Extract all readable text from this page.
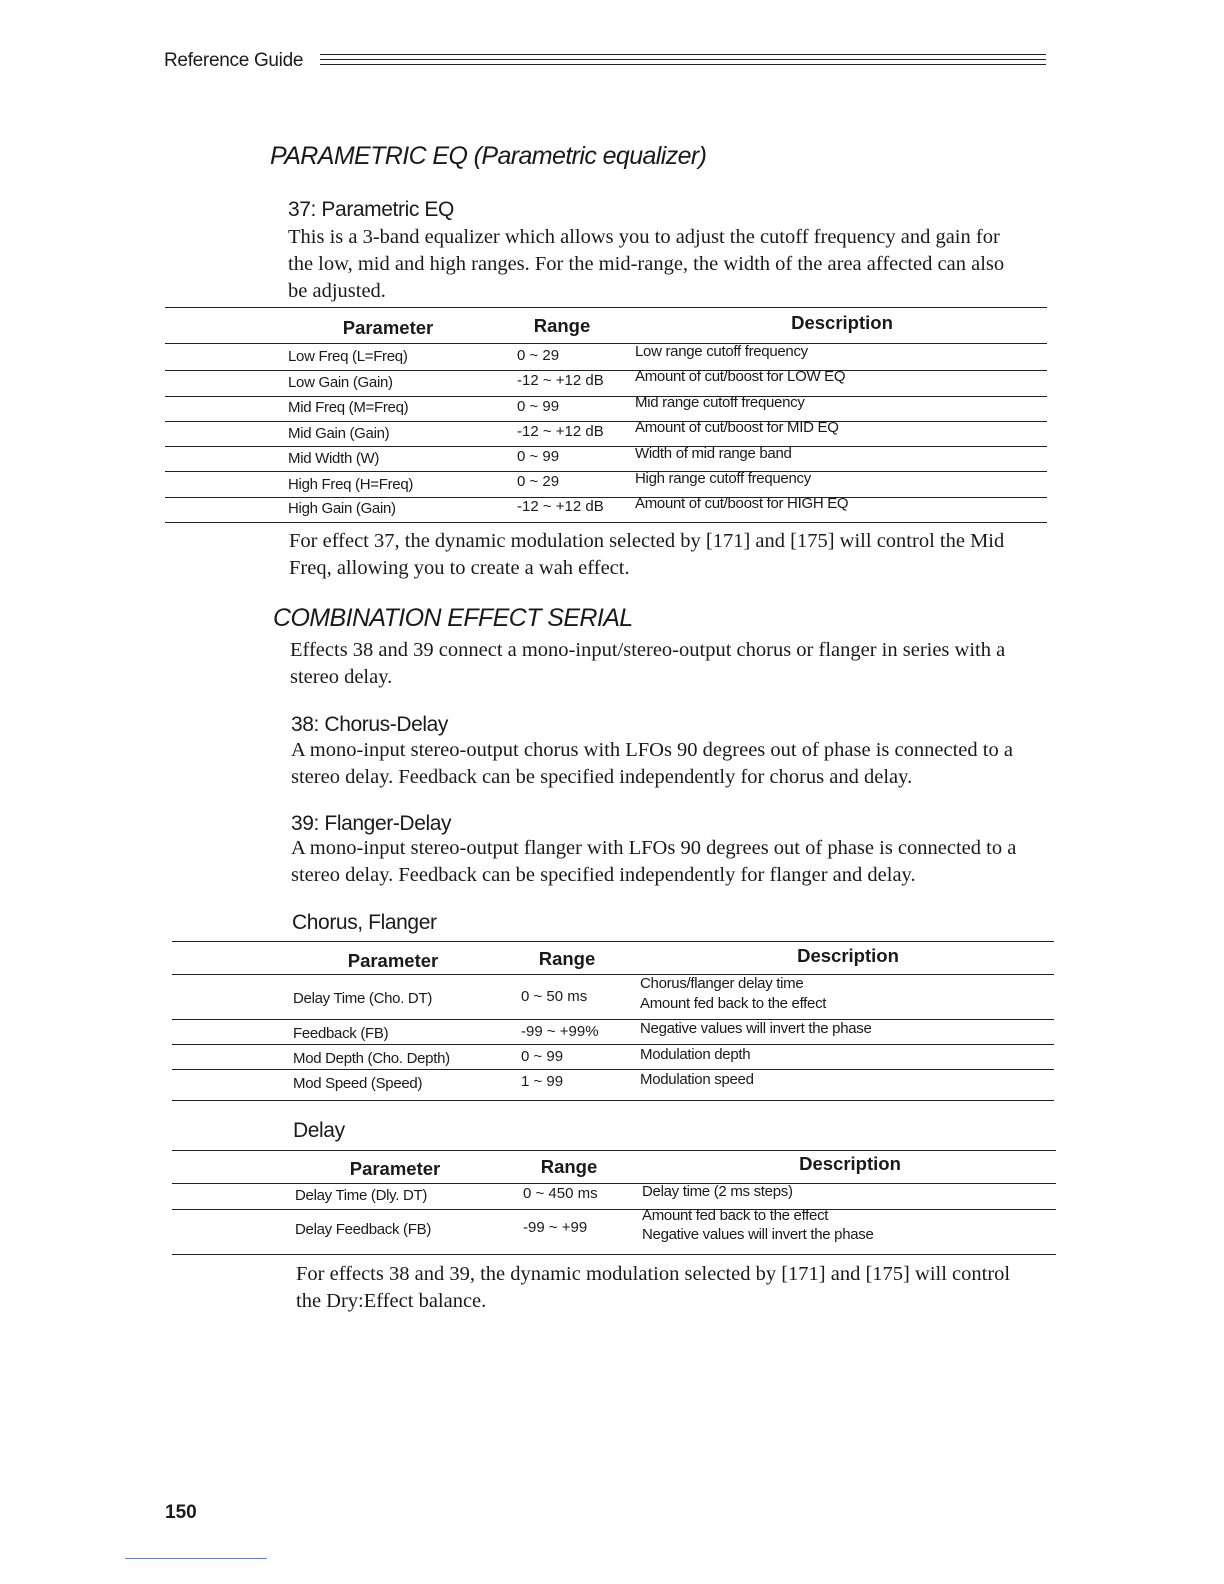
Reference Guide
PARAMETRIC EQ (Parametric equalizer)
37: Parametric EQ
This is a 3-band equalizer which allows you to adjust the cutoff frequency and gain for
the low, mid and high ranges. For the mid-range, the width of the area affected can also
be adjusted.
Parameter	Range	Description
Low Freq (L=Freq)	0 ~ 29	Low range cutoff frequency
Low Gain (Gain)	-12 ~ +12 dB Amount of cut/boost for LOW EQ
Mid Freq (M=Freq)	0 ~ 99	Mid range cutoff frequency
Mid Gain (Gain)	-12 ~ +12 dB Amount of cut/boost for MID EQ
Mid Width (W)	0 ~ 99	Width of mid range band
High Freq (H=Freq)	0 ~ 29	High range cutoff frequency
High Gain (Gain)	-12 ~ +12 dB Amount of cut/boost for HIGH EQ
For effect 37, the dynamic modulation selected by [171] and [175] will control the Mid
Freq, allowing you to create a wah effect.
COMBINATION EFFECT SERIAL
Effects 38 and 39 connect a mono-input/stereo-output chorus or flanger in series with a
stereo delay.
38: Chorus-Delay
A mono-input stereo-output chorus with LFOs 90 degrees out of phase is connected to a
stereo delay. Feedback can be specified independently for chorus and delay.
39: Flanger-Delay
A mono-input stereo-output flanger with LFOs 90 degrees out of phase is connected to a
stereo delay. Feedback can be specified independently for flanger and delay.
Chorus, Flanger
Parameter	Range	Description
Delay Time (Cho. DT)	0 ~ 50 ms
Chorus/flanger delay time
Amount fed back to the effect
Feedback (FB)	-99 ~ +99%	Negative values will invert the phase
Mod Depth (Cho. Depth)	0 ~ 99	Modulation depth
Mod Speed (Speed)	1 ~ 99	Modulation speed
Delay
Parameter	Range	Description
Delay Time (Dly. DT)	0 ~ 450 ms	Delay time (2 ms steps)
Delay Feedback (FB)	-99 ~ +99
Amount fed back to the effect
Negative values will invert the phase
For effects 38 and 39, the dynamic modulation selected by [171] and [175] will control
the Dry:Effect balance.
150
